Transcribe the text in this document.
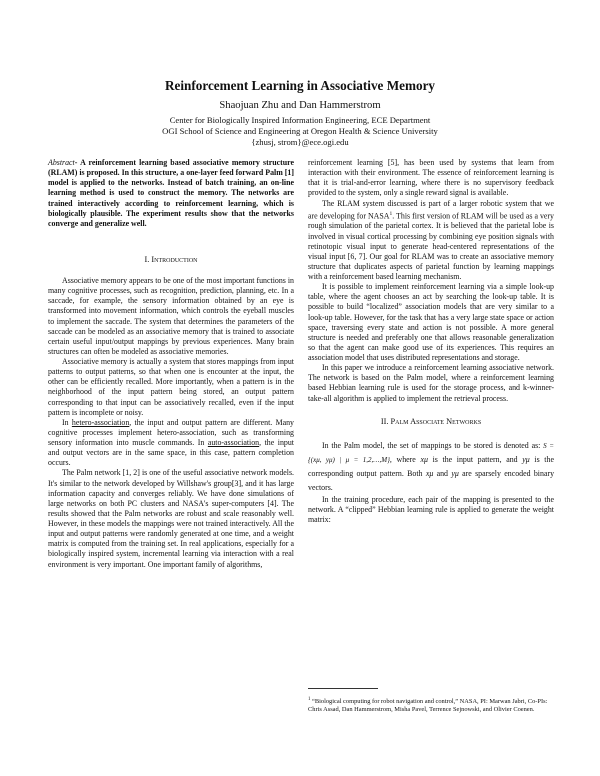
Reinforcement Learning in Associative Memory
Shaojuan Zhu and Dan Hammerstrom
Center for Biologically Inspired Information Engineering, ECE Department
OGI School of Science and Engineering at Oregon Health & Science University
{zhusj, strom}@ece.ogi.edu

Abstract- A reinforcement learning based associative memory structure (RLAM) is proposed. In this structure, a one-layer feed forward Palm [1] model is applied to the networks. Instead of batch training, an on-line learning method is used to construct the memory. The networks are trained interactively according to reinforcement learning, which is biologically plausible. The experiment results show that the networks converge and generalize well.

I. Introduction

Associative memory appears to be one of the most important functions in many cognitive processes, such as recognition, prediction, planning, etc. In a saccade, for example, the sensory information obtained by an eye is transformed into movement information, which controls the eyeball muscles to implement the saccade. The system that determines the parameters of the saccade can be modeled as an associative memory that is trained to associate certain useful input/output mappings by previous experiences. Many brain structures can often be modeled as associative memories.

Associative memory is actually a system that stores mappings from input patterns to output patterns, so that when one is encounter at the input, the other can be efficiently recalled. More importantly, when a pattern is in the neighborhood of the input pattern being stored, an output pattern corresponding to that input can be associatively recalled, even if the input pattern is incomplete or noisy.

In hetero-association, the input and output pattern are different. Many cognitive processes implement hetero-association, such as transforming sensory information into muscle commands. In auto-association, the input and output vectors are in the same space, in this case, pattern completion occurs.

The Palm network [1, 2] is one of the useful associative network models. It's similar to the network developed by Willshaw's group[3], and it has large information capacity and converges reliably. We have done simulations of large networks on both PC clusters and NASA's super-computers [4]. The results showed that the Palm networks are robust and scale reasonably well. However, in these models the mappings were not trained interactively. All the input and output patterns were randomly generated at one time, and a weight matrix is computed from the training set. In real applications, especially for a biologically inspired system, incremental learning via interaction with a real environment is very important. One important family of algorithms,

reinforcement learning [5], has been used by systems that learn from interaction with their environment. The essence of reinforcement learning is that it is trial-and-error learning, where there is no supervisory feedback provided to the system, only a single reward signal is available.

The RLAM system discussed is part of a larger robotic system that we are developing for NASA$^1$. This first version of RLAM will be used as a very rough simulation of the parietal cortex. It is believed that the parietal lobe is involved in visual cortical processing by combining eye position signals with retinotopic visual input to generate head-centered representations of the visual input [6, 7]. Our goal for RLAM was to create an associative memory structure that duplicates aspects of parietal function by learning mappings with a reinforcement based learning mechanism.

It is possible to implement reinforcement learning via a simple look-up table, where the agent chooses an act by searching the look-up table. It is possible to build “localized” association models that are very similar to a look-up table. However, for the task that has a very large state space or action space, traversing every state and action is not possible. A more general structure is needed and preferably one that allows reasonable generalization so that the agent can make good use of its experiences. This requires an association model that uses distributed representations and storage.

In this paper we introduce a reinforcement learning associative network. The network is based on the Palm model, where a reinforcement learning based Hebbian learning rule is used for the storage process, and k-winner-take-all algorithm is applied to implement the retrieval process.

II. Palm Associate Networks

In the Palm model, the set of mappings to be stored is denoted as: S = {(xμ, yμ) | μ = 1,2,…,M}, where xμ is the input pattern, and yμ is the corresponding output pattern. Both xμ and yμ are sparsely encoded binary vectors.

In the training procedure, each pair of the mapping is presented to the network. A “clipped” Hebbian learning rule is applied to generate the weight matrix:

$^1$ “Biological computing for robot navigation and control,” NASA, PI: Marwan Jabri, Co-PIs: Chris Assad, Dan Hammerstrom, Misha Pavel, Terrence Sejnowski, and Olivier Coenen.
